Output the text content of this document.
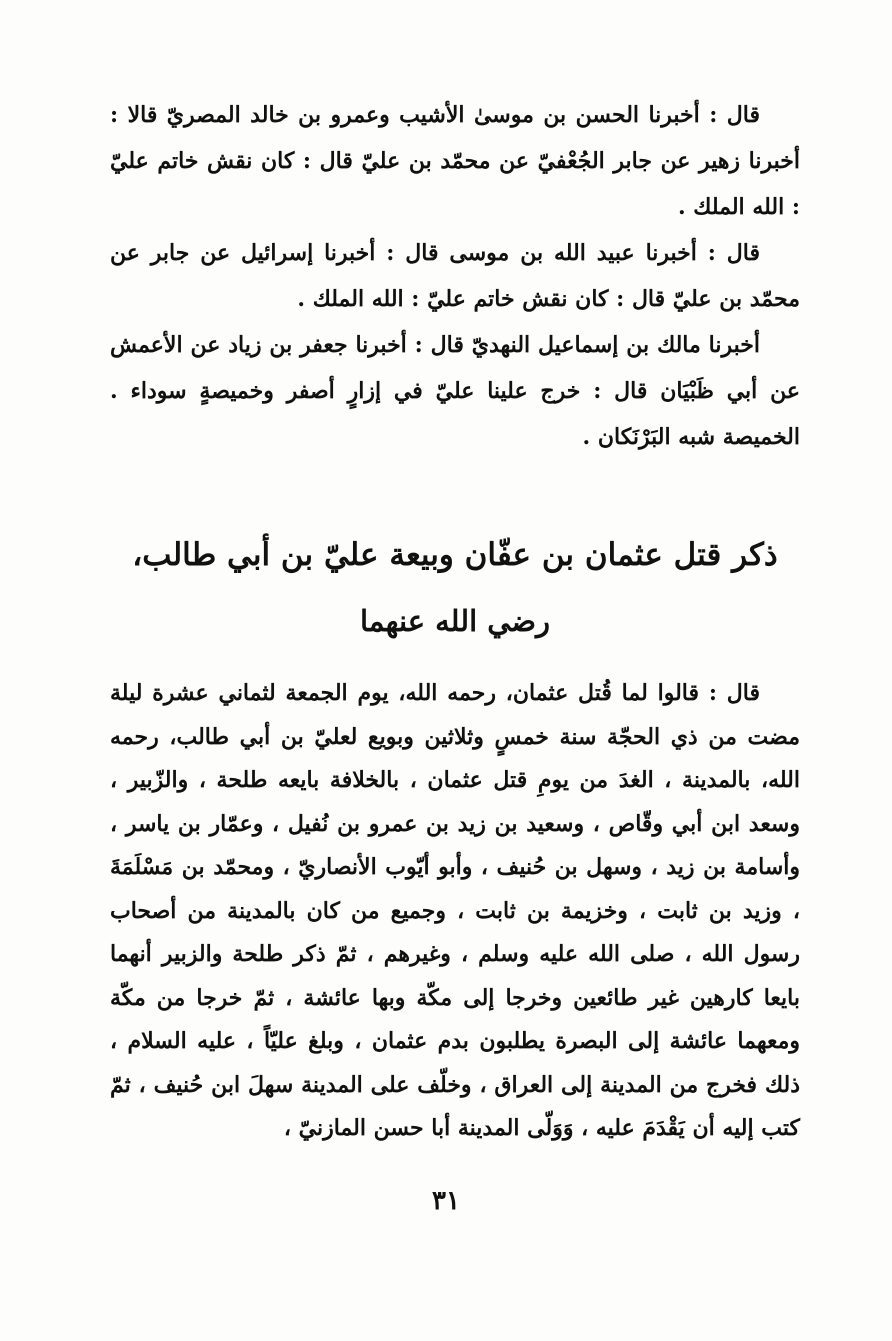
قال : أخبرنا الحسن بن موسىٰ الأشيب وعمرو بن خالد المصريّ قالا : أخبرنا زهير عن جابر الجُعْفيّ عن محمّد بن عليّ قال : كان نقش خاتم عليّ : الله الملك .

قال : أخبرنا عبيد الله بن موسى قال : أخبرنا إسرائيل عن جابر عن محمّد بن عليّ قال : كان نقش خاتم عليّ : الله الملك .

أخبرنا مالك بن إسماعيل النهديّ قال : أخبرنا جعفر بن زياد عن الأعمش عن أبي ظَبْيَان قال : خرج علينا عليّ في إزارٍ أصفر وخميصةٍ سوداء . الخميصة شبه البَرْنَكان .

ذكر قتل عثمان بن عفّان وبيعة عليّ بن أبي طالب،
رضي الله عنهما

قال : قالوا لما قُتل عثمان، رحمه الله، يوم الجمعة لثماني عشرة ليلة مضت من ذي الحجّة سنة خمسٍ وثلاثين وبويع لعليّ بن أبي طالب، رحمه الله، بالمدينة ، الغدَ من يومِ قتل عثمان ، بالخلافة بايعه طلحة ، والزّبير ، وسعد ابن أبي وقّاص ، وسعيد بن زيد بن عمرو بن نُفيل ، وعمّار بن ياسر ، وأسامة بن زيد ، وسهل بن حُنيف ، وأبو أيّوب الأنصاريّ ، ومحمّد بن مَسْلَمَةَ ، وزيد بن ثابت ، وخزيمة بن ثابت ، وجميع من كان بالمدينة من أصحاب رسول الله ، صلى الله عليه وسلم ، وغيرهم ، ثمّ ذكر طلحة والزبير أنهما بايعا كارهين غير طائعين وخرجا إلى مكّة وبها عائشة ، ثمّ خرجا من مكّة ومعهما عائشة إلى البصرة يطلبون بدم عثمان ، وبلغ عليّاً ، عليه السلام ، ذلك فخرج من المدينة إلى العراق ، وخلّف على المدينة سهلَ ابن حُنيف ، ثمّ كتب إليه أن يَقْدَمَ عليه ، وَوَلّى المدينة أبا حسن المازنيّ ،

٣١
